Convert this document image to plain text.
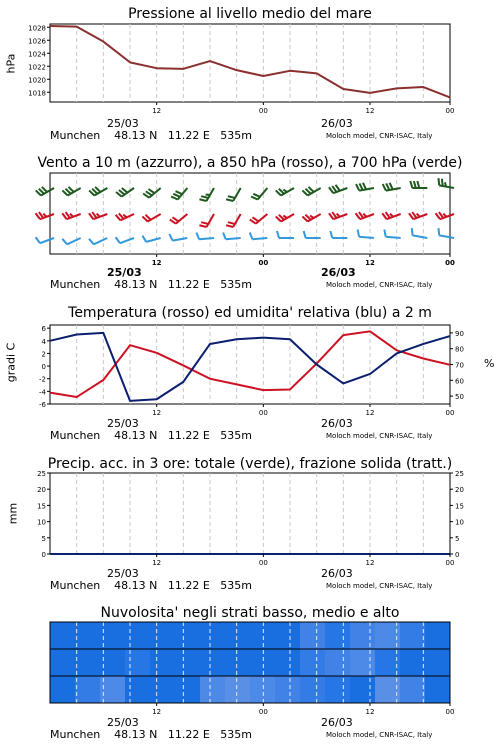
Pressione al livello medio del mare
hPa
1018
1020
1022
1024
1026
1028
12	00	12	00
25/03	26/03
Munchen    48.13 N   11.22 E   535m	Moloch model, CNR-ISAC, Italy
Vento a 10 m (azzurro), a 850 hPa (rosso), a 700 hPa (verde)
12	00	12	00
25/03	26/03
Munchen    48.13 N   11.22 E   535m	Moloch model, CNR-ISAC, Italy
Temperatura (rosso) ed umidita' relativa (blu) a 2 m
gradi C	%
-6
-4
-2
0
2
4
6
50
60
70
80
90
12	00	12	00
25/03	26/03
Munchen    48.13 N   11.22 E   535m	Moloch model, CNR-ISAC, Italy
Precip. acc. in 3 ore: totale (verde), frazione solida (tratt.)
mm
0
5
10
15
20
25
0
5
10
15
20
25
12	00	12	00
25/03	26/03
Munchen    48.13 N   11.22 E   535m	Moloch model, CNR-ISAC, Italy
Nuvolosita' negli strati basso, medio e alto
12	00	12	00
25/03	26/03
Munchen    48.13 N   11.22 E   535m	Moloch model, CNR-ISAC, Italy
